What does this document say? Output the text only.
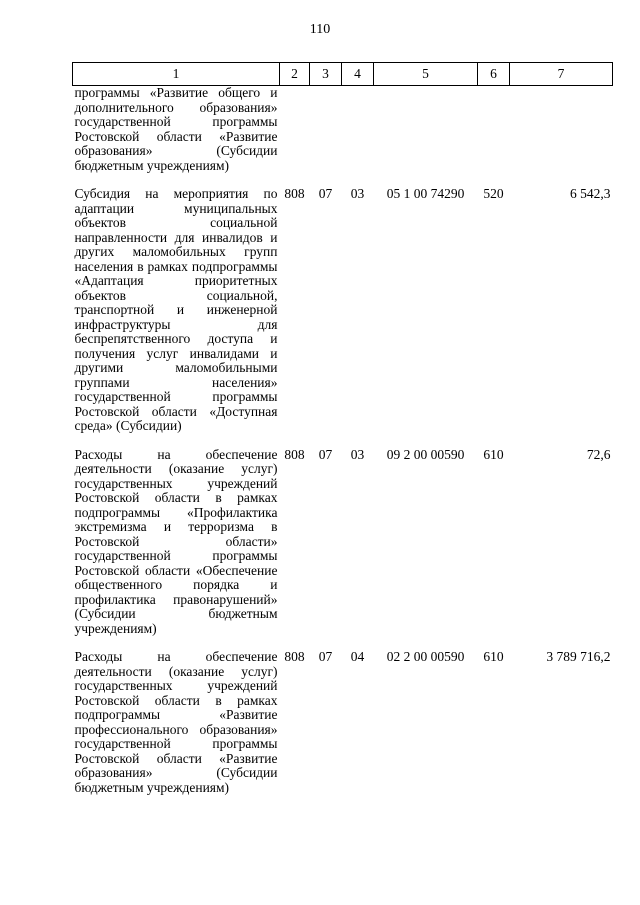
110
1	2	3	4	5	6	7
программы «Развитие общего и дополнительного образования» государственной программы Ростовской области «Развитие образования» (Субсидии бюджетным учреждениям)						
Субсидия на мероприятия по адаптации муниципальных объектов социальной направленности для инвалидов и других маломобильных групп населения в рамках подпрограммы «Адаптация приоритетных объектов социальной, транспортной и инженерной инфраструктуры для беспрепятственного доступа и получения услуг инвалидами и другими маломобильными группами населения» государственной программы Ростовской области «Доступная среда» (Субсидии)	808	07	03	05 1 00 74290	520	6 542,3
Расходы на обеспечение деятельности (оказание услуг) государственных учреждений Ростовской области в рамках подпрограммы «Профилактика экстремизма и терроризма в Ростовской области» государственной программы Ростовской области «Обеспечение общественного порядка и профилактика правонарушений» (Субсидии бюджетным учреждениям)	808	07	03	09 2 00 00590	610	72,6
Расходы на обеспечение деятельности (оказание услуг) государственных учреждений Ростовской области в рамках подпрограммы «Развитие профессионального образования» государственной программы Ростовской области «Развитие образования» (Субсидии бюджетным учреждениям)	808	07	04	02 2 00 00590	610	3 789 716,2
